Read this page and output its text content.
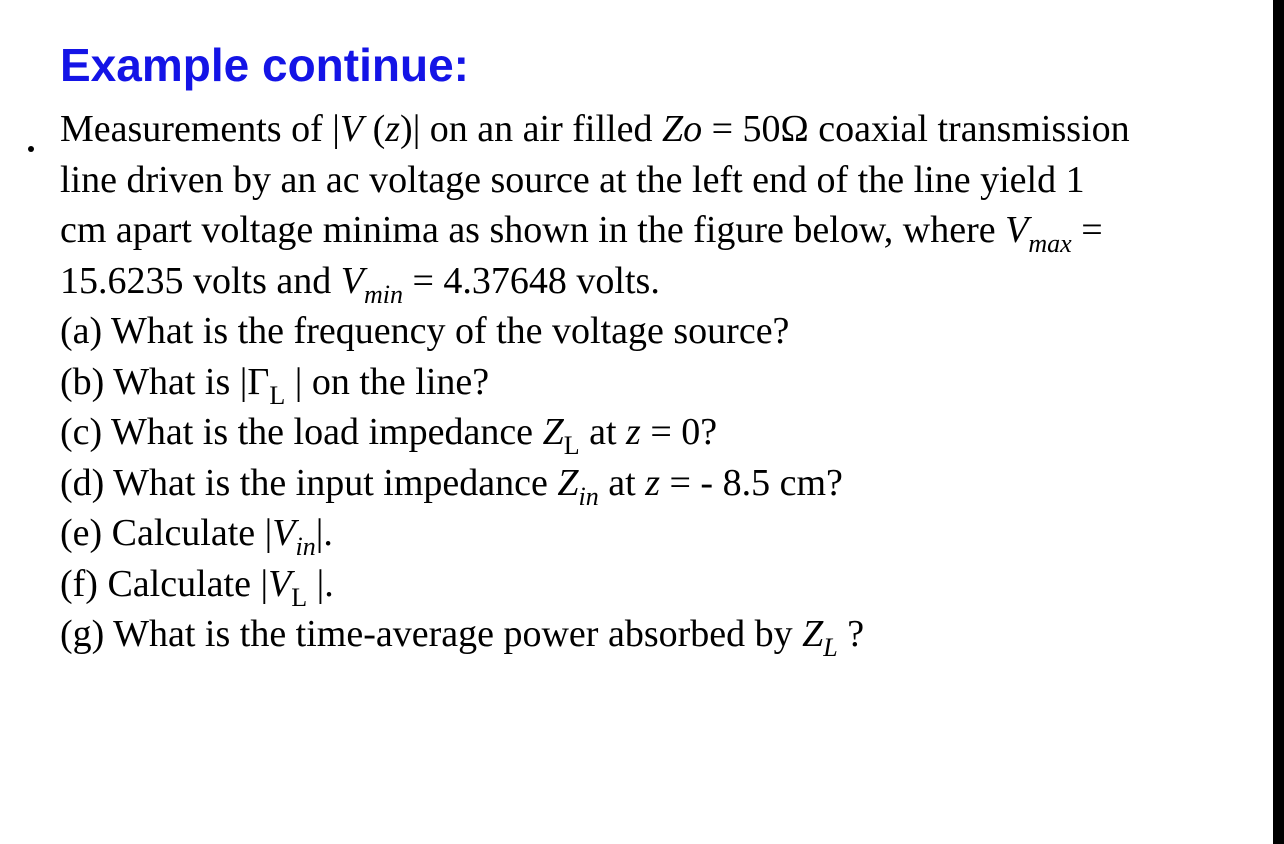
Example continue:
Measurements of |V (z)| on an air filled Zo = 50Ω coaxial transmission
line driven by an ac voltage source at the left end of the line yield 1
cm apart voltage minima as shown in the figure below, where $V_{max}$ =
15.6235 volts and $V_{min} = 4.37648$ volts.
(a) What is the frequency of the voltage source?
(b) What is $|\Gamma_L$ | on the line?
(c) What is the load impedance $Z_L$ at z = 0?
(d) What is the input impedance $Z_{in}$ at z = - 8.5 cm?
(e) Calculate $|V_{in}|$.
(f) Calculate $|V_L$ |.
(g) What is the time-average power absorbed by $Z_L$ ?
